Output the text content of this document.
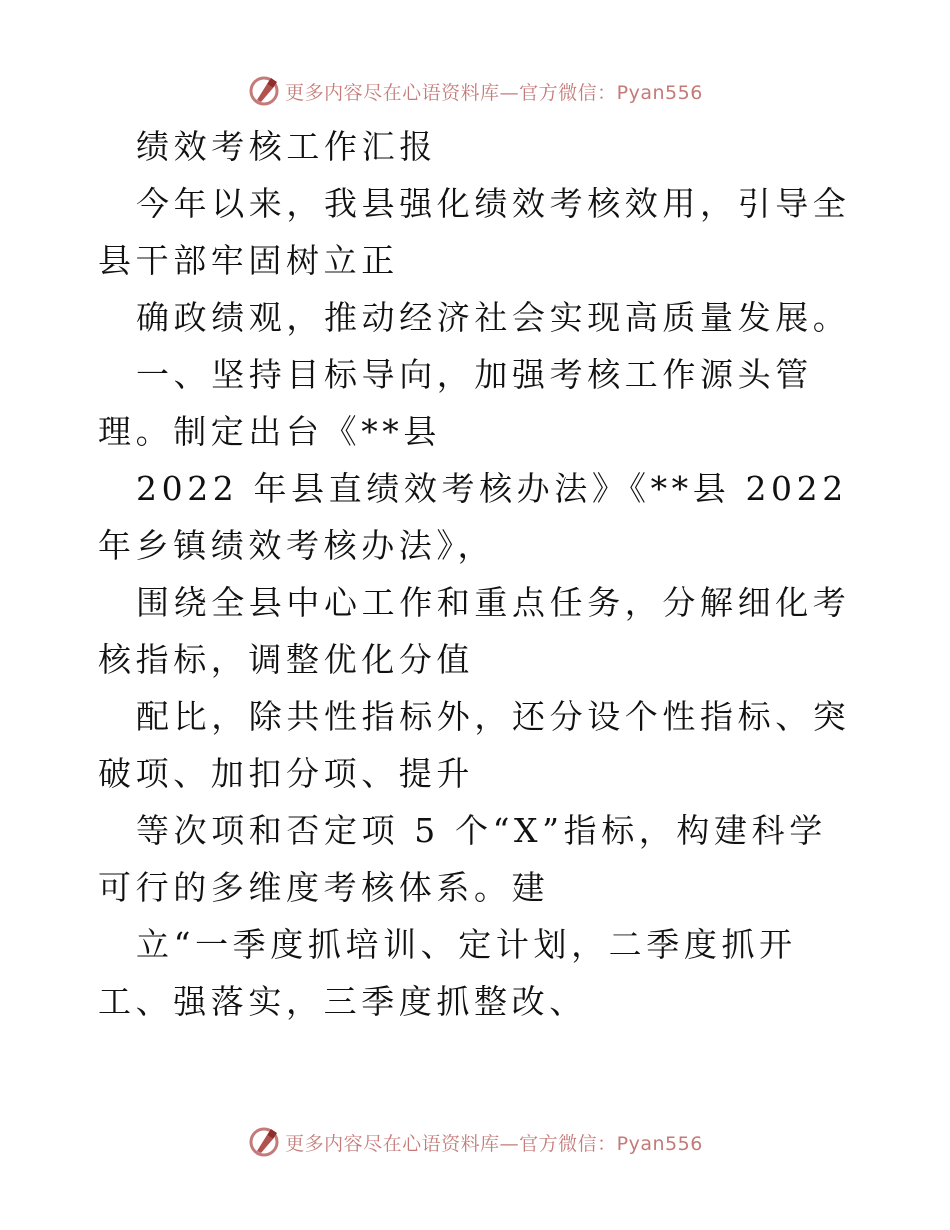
更多内容尽在心语资料库—官方微信：Pyan556

绩效考核工作汇报

今年以来，我县强化绩效考核效用，引导全县干部牢固树立正

确政绩观，推动经济社会实现高质量发展。

一、坚持目标导向，加强考核工作源头管理。制定出台《**县

2022 年县直绩效考核办法》《**县 2022 年乡镇绩效考核办法》，

围绕全县中心工作和重点任务，分解细化考核指标，调整优化分值

配比，除共性指标外，还分设个性指标、突破项、加扣分项、提升

等次项和否定项 5 个“X”指标，构建科学可行的多维度考核体系。建

立“一季度抓培训、定计划，二季度抓开工、强落实，三季度抓整改、

更多内容尽在心语资料库—官方微信：Pyan556
